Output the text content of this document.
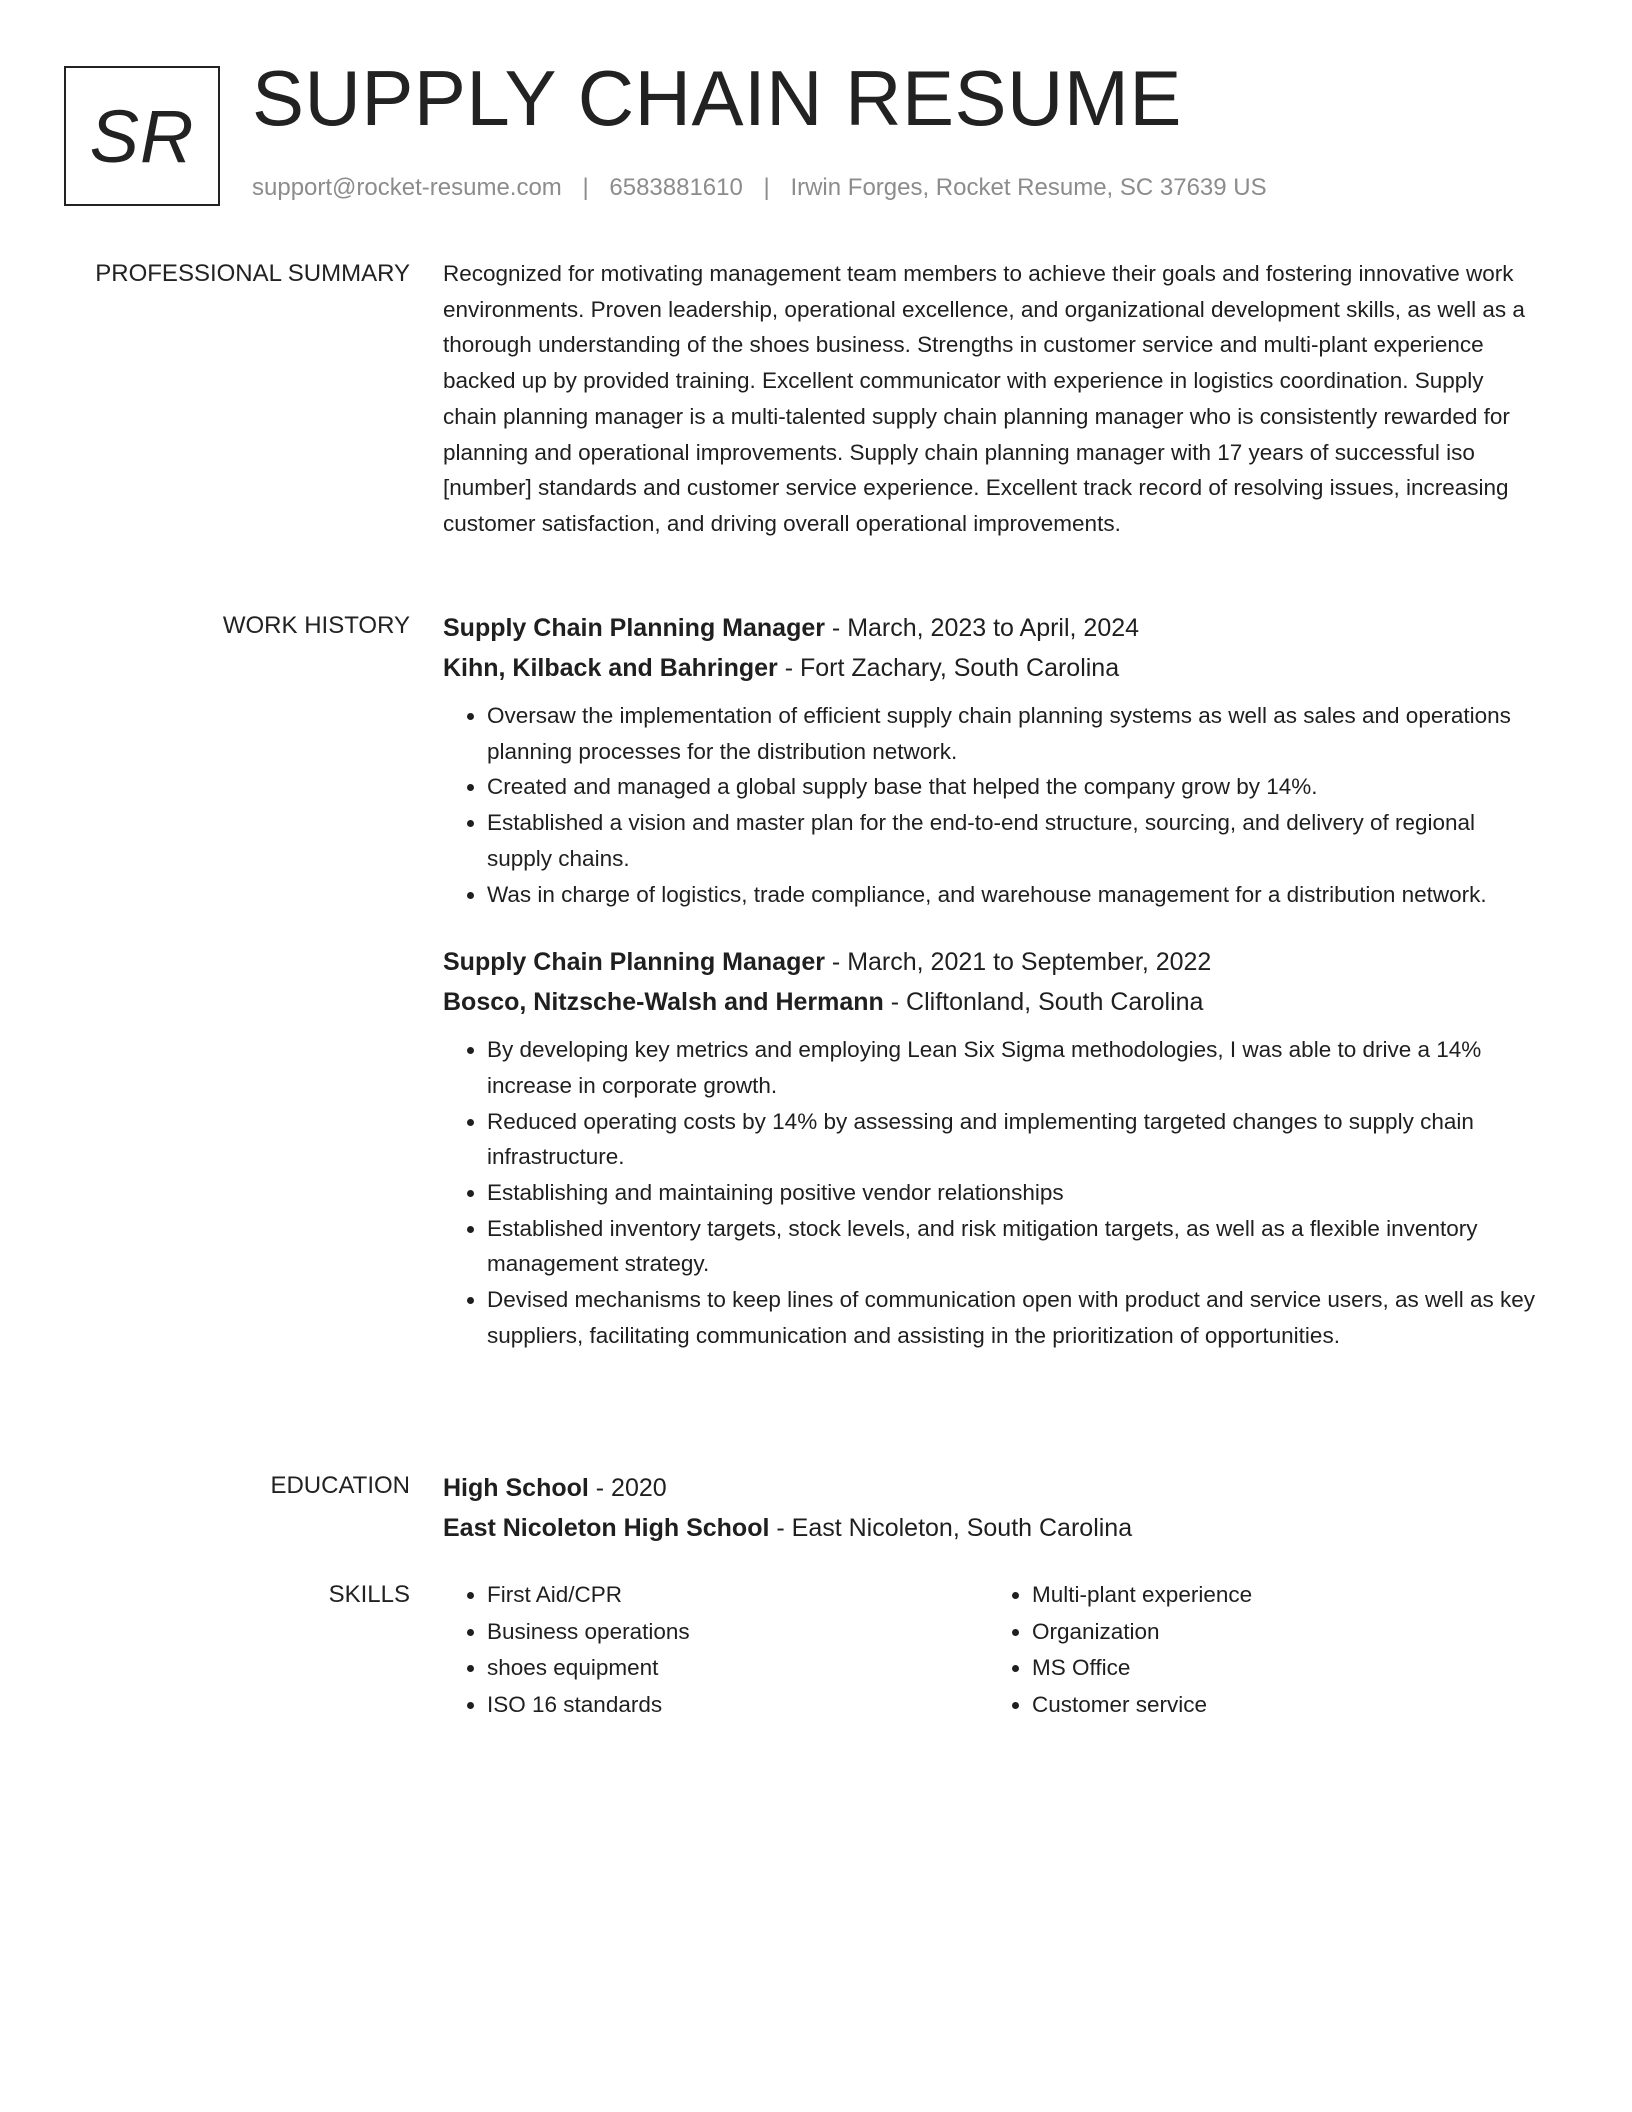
SR SUPPLY CHAIN RESUME
support@rocket-resume.com | 6583881610 | Irwin Forges, Rocket Resume, SC 37639 US
PROFESSIONAL SUMMARY Recognized for motivating management team members to achieve their goals and fostering innovative work environments. Proven leadership, operational excellence, and organizational development skills, as well as a thorough understanding of the shoes business. Strengths in customer service and multi-plant experience backed up by provided training. Excellent communicator with experience in logistics coordination. Supply chain planning manager is a multi-talented supply chain planning manager who is consistently rewarded for planning and operational improvements. Supply chain planning manager with 17 years of successful iso [number] standards and customer service experience. Excellent track record of resolving issues, increasing customer satisfaction, and driving overall operational improvements.

WORK HISTORY Supply Chain Planning Manager - March, 2023 to April, 2024
Kihn, Kilback and Bahringer - Fort Zachary, South Carolina
• Oversaw the implementation of efficient supply chain planning systems as well as sales and operations planning processes for the distribution network.
• Created and managed a global supply base that helped the company grow by 14%.
• Established a vision and master plan for the end-to-end structure, sourcing, and delivery of regional supply chains.
• Was in charge of logistics, trade compliance, and warehouse management for a distribution network.
Supply Chain Planning Manager - March, 2021 to September, 2022
Bosco, Nitzsche-Walsh and Hermann - Cliftonland, South Carolina
• By developing key metrics and employing Lean Six Sigma methodologies, I was able to drive a 14% increase in corporate growth.
• Reduced operating costs by 14% by assessing and implementing targeted changes to supply chain infrastructure.
• Establishing and maintaining positive vendor relationships
• Established inventory targets, stock levels, and risk mitigation targets, as well as a flexible inventory management strategy.
• Devised mechanisms to keep lines of communication open with product and service users, as well as key suppliers, facilitating communication and assisting in the prioritization of opportunities.
EDUCATION High School - 2020
East Nicoleton High School - East Nicoleton, South Carolina
SKILLS
•	First Aid/CPR
• Business operations
• shoes equipment
• ISO 16 standards
• Multi-plant experience
• Organization
• MS Office
• Customer service
